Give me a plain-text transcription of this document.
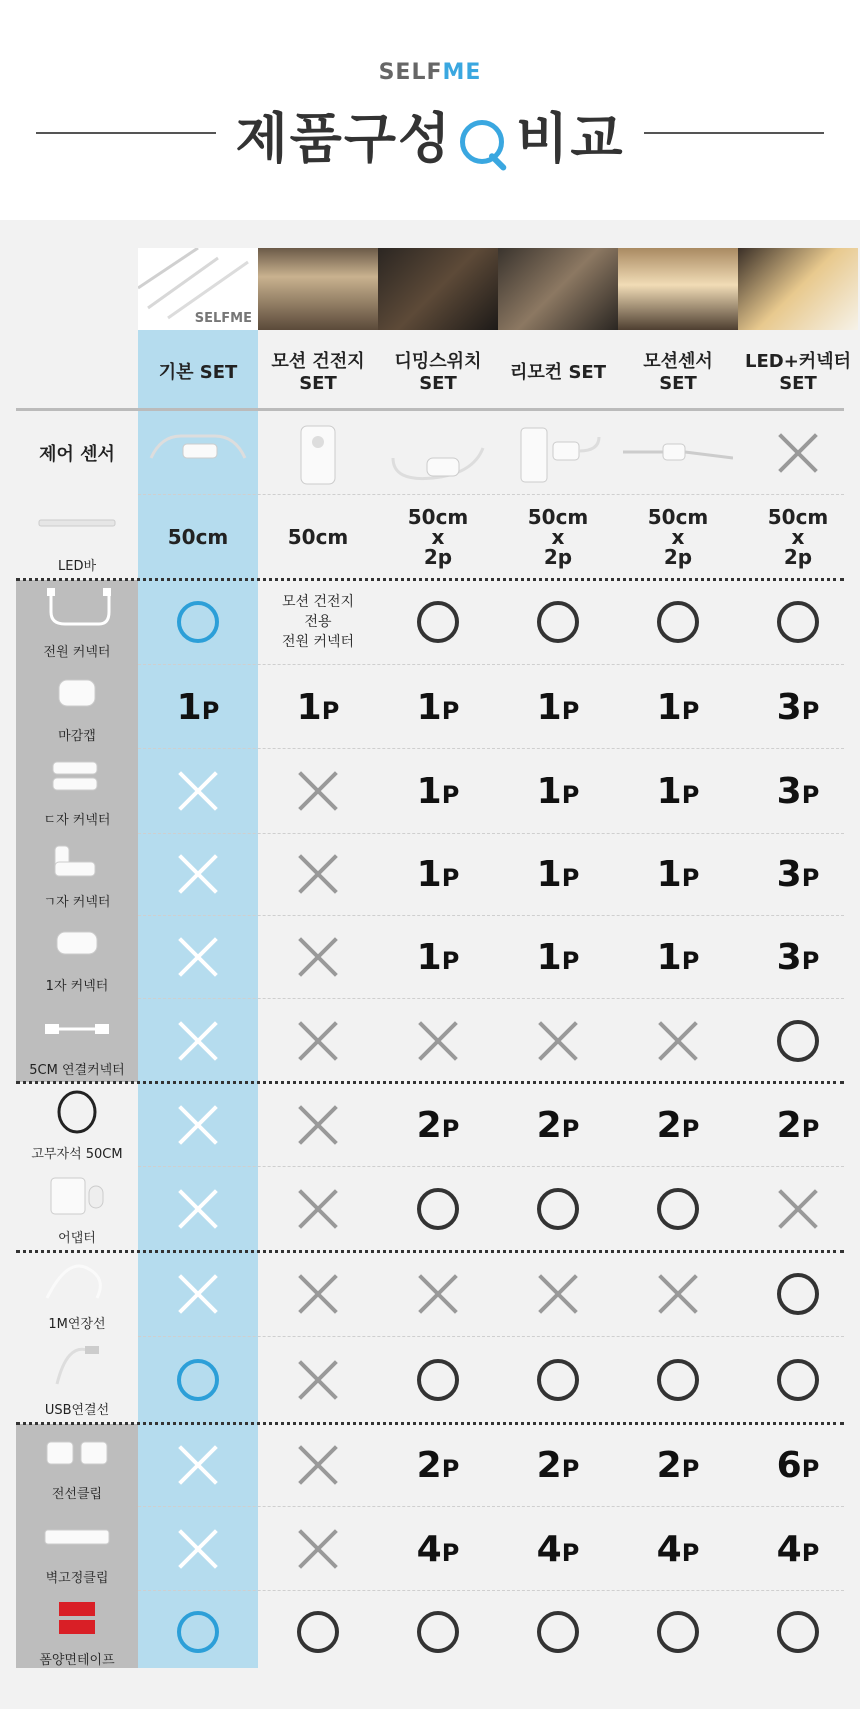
SELFME
제품구성 비교
SELFME
기본 SET
모션 건전지
SET
디밍스위치
SET
리모컨 SET
모션센서
SET
LED+커넥터
SET
제어 센서
LED바
50cm	50cm
50cm
x
2p
50cm
x
2p
50cm
x
2p
50cm
x
2p
전원 커넥터
모션 건전지
전용
전원 커넥터
마감캡
1P 1P 1P 1P 1P 3P
ㄷ자 커넥터
1P 1P 1P 3P
ㄱ자 커넥터
1P 1P 1P 3P
1자 커넥터
1P 1P 1P 3P
5CM 연결커넥터
고무자석 50CM
2P 2P 2P 2P
어댑터
1M연장선
USB연결선
전선클립
2P 2P 2P 6P
벽고정클립
4P 4P 4P 4P
폼양면테이프
